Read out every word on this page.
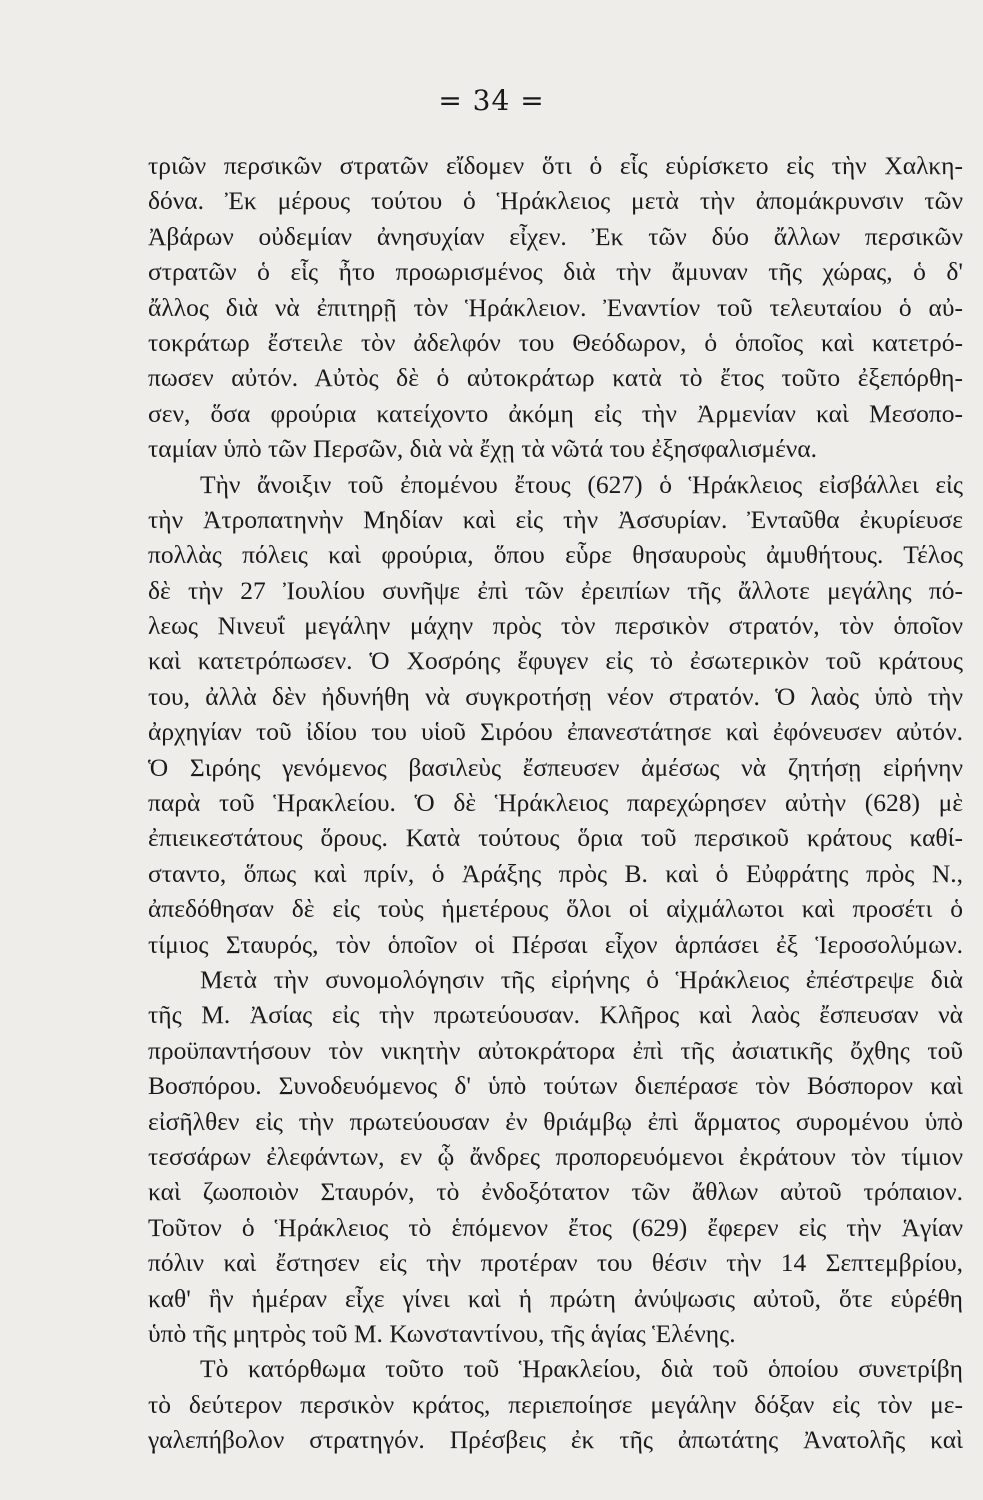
= 34 =
τριῶν περσικῶν στρατῶν εἴδομεν ὅτι ὁ εἷς εὑρίσκετο εἰς τὴν Χαλκη-
δόνα. Ἐκ μέρους τούτου ὁ Ἡράκλειος μετὰ τὴν ἀπομάκρυνσιν τῶν
Ἀβάρων οὐδεμίαν ἀνησυχίαν εἶχεν. Ἐκ τῶν δύο ἄλλων περσικῶν
στρατῶν ὁ εἷς ἦτο προωρισμένος διὰ τὴν ἄμυναν τῆς χώρας, ὁ δ'
ἄλλος διὰ νὰ ἐπιτηρῇ τὸν Ἡράκλειον. Ἐναντίον τοῦ τελευταίου ὁ αὐ-
τοκράτωρ ἔστειλε τὸν ἀδελφόν του Θεόδωρον, ὁ ὁποῖος καὶ κατετρό-
πωσεν αὐτόν. Αὐτὸς δὲ ὁ αὐτοκράτωρ κατὰ τὸ ἔτος τοῦτο ἐξεπόρθη-
σεν, ὅσα φρούρια κατείχοντο ἀκόμη εἰς τὴν Ἀρμενίαν καὶ Μεσοπο-
ταμίαν ὑπὸ τῶν Περσῶν, διὰ νὰ ἔχῃ τὰ νῶτά του ἐξησφαλισμένα.
Τὴν ἄνοιξιν τοῦ ἐπομένου ἔτους (627) ὁ Ἡράκλειος εἰσβάλλει εἰς
τὴν Ἀτροπατηνὴν Μηδίαν καὶ εἰς τὴν Ἀσσυρίαν. Ἐνταῦθα ἐκυρίευσε
πολλὰς πόλεις καὶ φρούρια, ὅπου εὗρε θησαυροὺς ἀμυθήτους. Τέλος
δὲ τὴν 27 Ἰουλίου συνῆψε ἐπὶ τῶν ἐρειπίων τῆς ἄλλοτε μεγάλης πό-
λεως Νινευΐ μεγάλην μάχην πρὸς τὸν περσικὸν στρατόν, τὸν ὁποῖον
καὶ κατετρόπωσεν. Ὁ Χοσρόης ἔφυγεν εἰς τὸ ἐσωτερικὸν τοῦ κράτους
του, ἀλλὰ δὲν ἠδυνήθη νὰ συγκροτήσῃ νέον στρατόν. Ὁ λαὸς ὑπὸ τὴν
ἀρχηγίαν τοῦ ἰδίου του υἱοῦ Σιρόου ἐπανεστάτησε καὶ ἐφόνευσεν αὐτόν.
Ὁ Σιρόης γενόμενος βασιλεὺς ἔσπευσεν ἀμέσως νὰ ζητήσῃ εἰρήνην
παρὰ τοῦ Ἡρακλείου. Ὁ δὲ Ἡράκλειος παρεχώρησεν αὐτὴν (628) μὲ
ἐπιεικεστάτους ὅρους. Κατὰ τούτους ὅρια τοῦ περσικοῦ κράτους καθί-
σταντο, ὅπως καὶ πρίν, ὁ Ἀράξης πρὸς Β. καὶ ὁ Εὐφράτης πρὸς Ν.,
ἀπεδόθησαν δὲ εἰς τοὺς ἡμετέρους ὅλοι οἱ αἰχμάλωτοι καὶ προσέτι ὁ
τίμιος Σταυρός, τὸν ὁποῖον οἱ Πέρσαι εἶχον ἁρπάσει ἐξ Ἱεροσολύμων.
Μετὰ τὴν συνομολόγησιν τῆς εἰρήνης ὁ Ἡράκλειος ἐπέστρεψε διὰ
τῆς Μ. Ἀσίας εἰς τὴν πρωτεύουσαν. Κλῆρος καὶ λαὸς ἔσπευσαν νὰ
προϋπαντήσουν τὸν νικητὴν αὐτοκράτορα ἐπὶ τῆς ἀσιατικῆς ὄχθης τοῦ
Βοσπόρου. Συνοδευόμενος δ' ὑπὸ τούτων διεπέρασε τὸν Βόσπορον καὶ
εἰσῆλθεν εἰς τὴν πρωτεύουσαν ἐν θριάμβῳ ἐπὶ ἅρματος συρομένου ὑπὸ
τεσσάρων ἐλεφάντων, εν ᾧ ἄνδρες προπορευόμενοι ἐκράτουν τὸν τίμιον
καὶ ζωοποιὸν Σταυρόν, τὸ ἐνδοξότατον τῶν ἄθλων αὐτοῦ τρόπαιον.
Τοῦτον ὁ Ἡράκλειος τὸ ἑπόμενον ἔτος (629) ἔφερεν εἰς τὴν Ἁγίαν
πόλιν καὶ ἔστησεν εἰς τὴν προτέραν του θέσιν τὴν 14 Σεπτεμβρίου,
καθ' ἣν ἡμέραν εἶχε γίνει καὶ ἡ πρώτη ἀνύψωσις αὐτοῦ, ὅτε εὑρέθη
ὑπὸ τῆς μητρὸς τοῦ Μ. Κωνσταντίνου, τῆς ἁγίας Ἑλένης.
Τὸ κατόρθωμα τοῦτο τοῦ Ἡρακλείου, διὰ τοῦ ὁποίου συνετρίβη
τὸ δεύτερον περσικὸν κράτος, περιεποίησε μεγάλην δόξαν εἰς τὸν με-
γαλεπήβολον στρατηγόν. Πρέσβεις ἐκ τῆς ἀπωτάτης Ἀνατολῆς καὶ
